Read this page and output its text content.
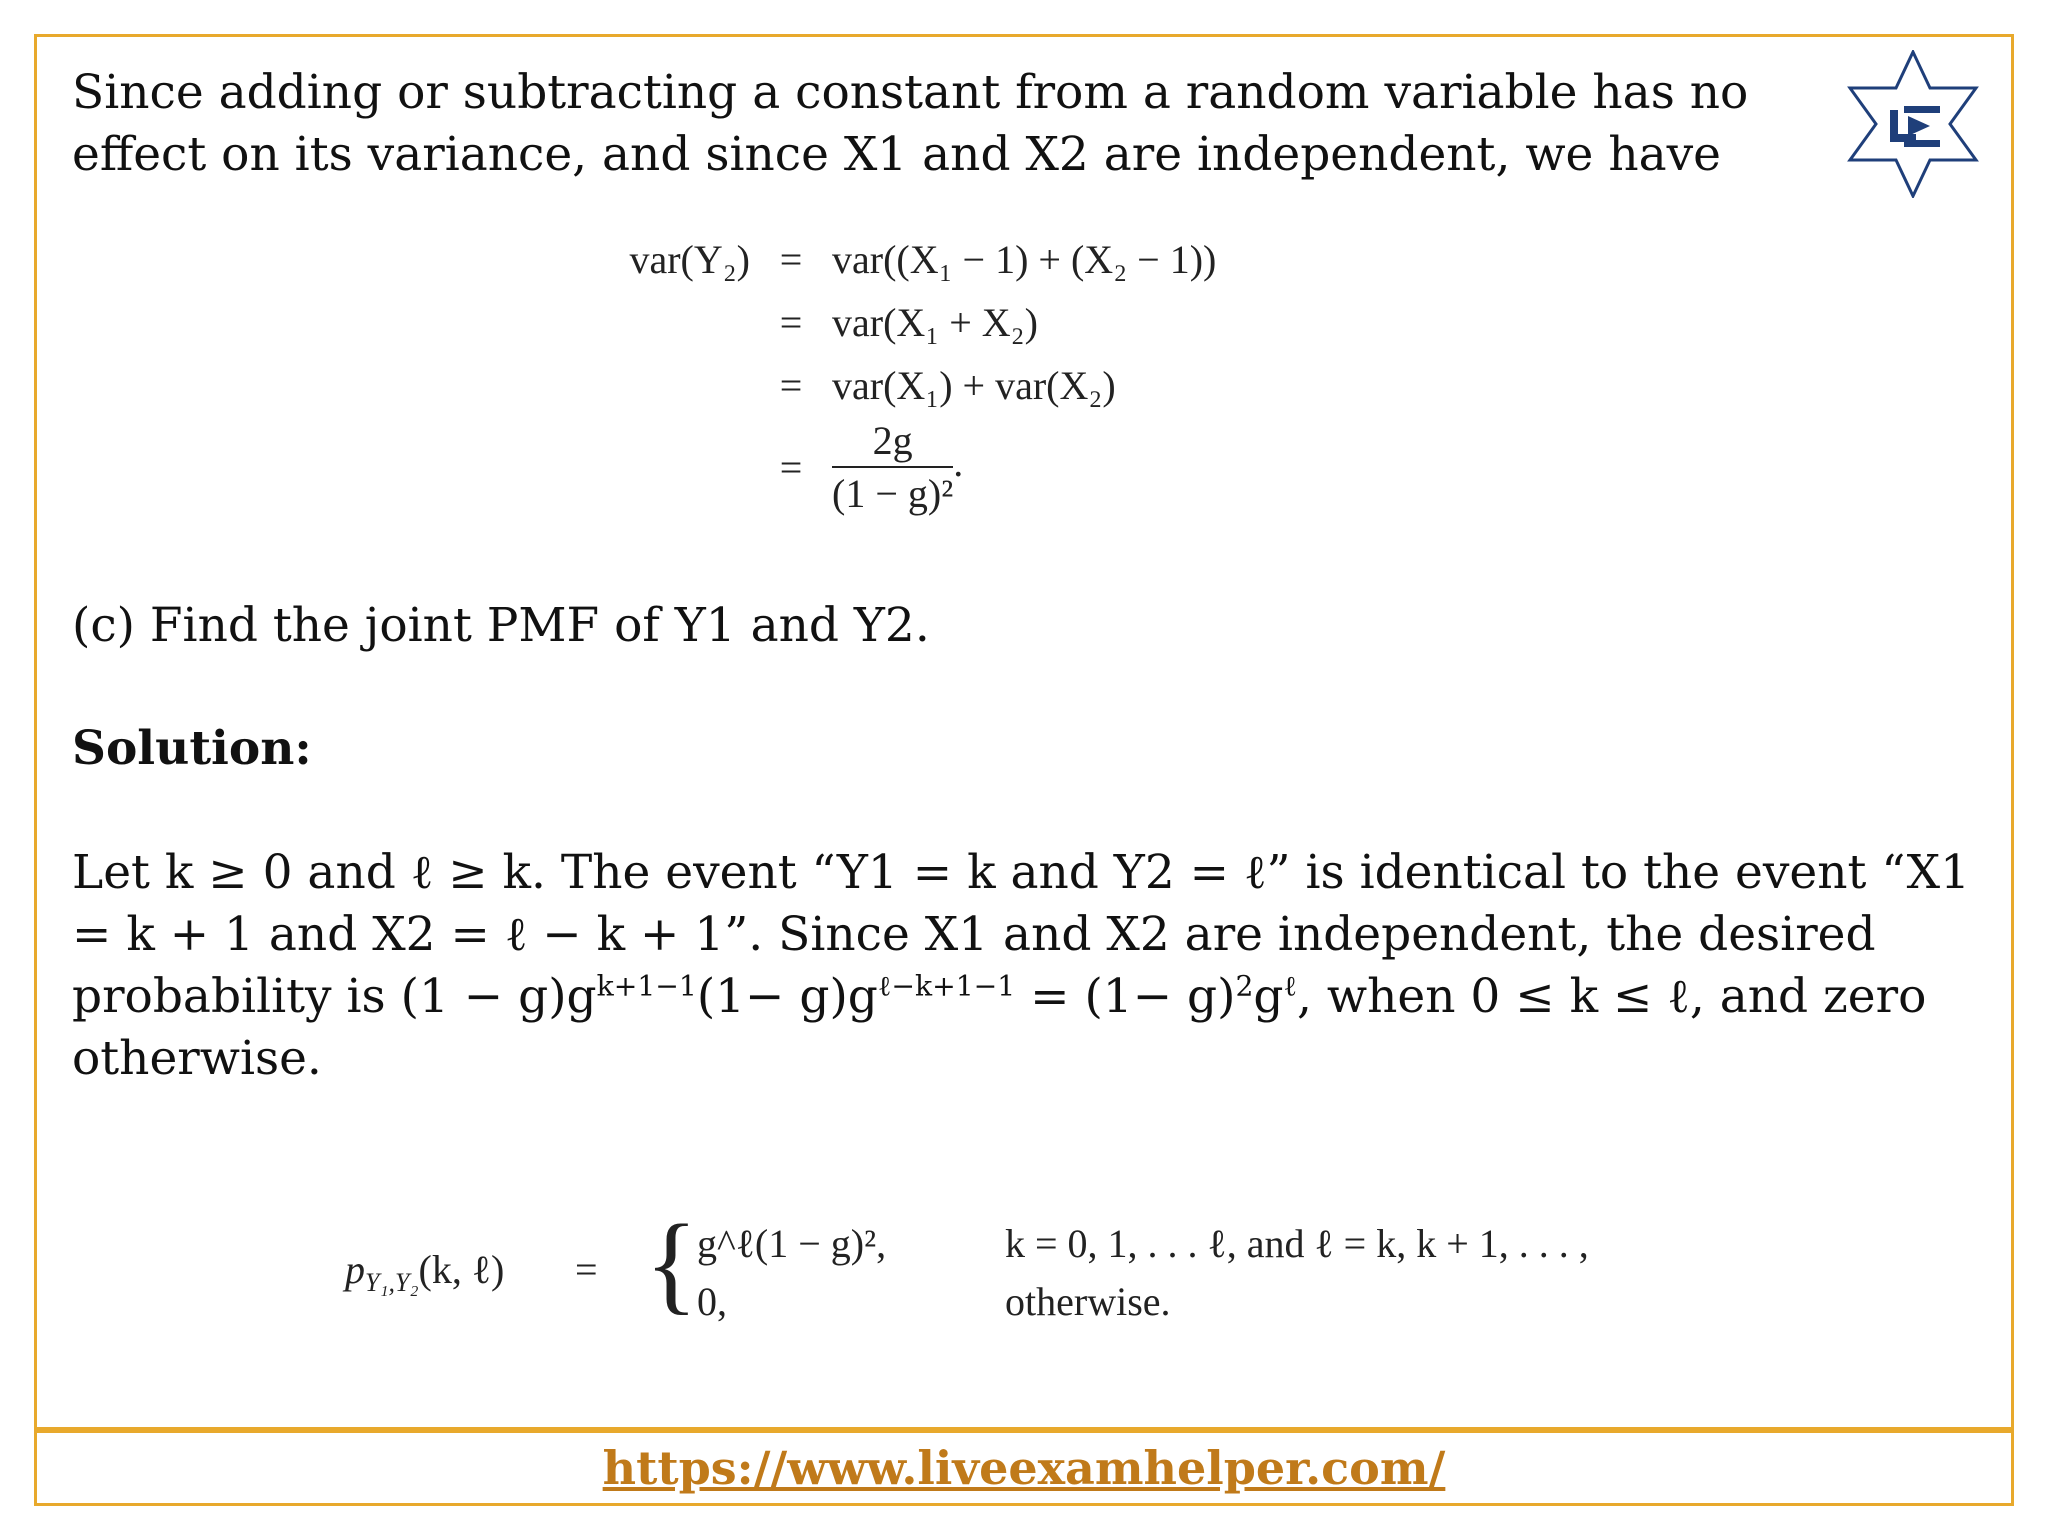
Since adding or subtracting a constant from a random variable has no effect on its variance, and since X1 and X2 are independent, we have
var(Y₂)	=	var((X₁ − 1) + (X₂ − 1))
	=	var(X₁ + X₂)
	=	var(X₁) + var(X₂)
	=	$\frac{2g}{\text{(1 − g)²}}$ .
(c) Find the joint PMF of Y1 and Y2.
Solution:
Let k ≥ 0 and ℓ ≥ k. The event “Y1 = k and Y2 = ℓ” is identical to the event “X1 = k + 1 and X2 = ℓ − k + 1”. Since X1 and X2 are independent, the desired probability is $(1 - g)g^{k+1-1}(1- g)g^{\ell-k+1-1} = (1- g)^2g^\ell$, when 0 ≤ k ≤ ℓ, and zero otherwise.
$p_{Y_1,Y_2}(k$, ℓ) = { g^ℓ(1 − g)²,	k = 0, 1, . . . ℓ, and ℓ = k, k + 1, . . . ,
0,	otherwise.
https://www.liveexamhelper.com/
